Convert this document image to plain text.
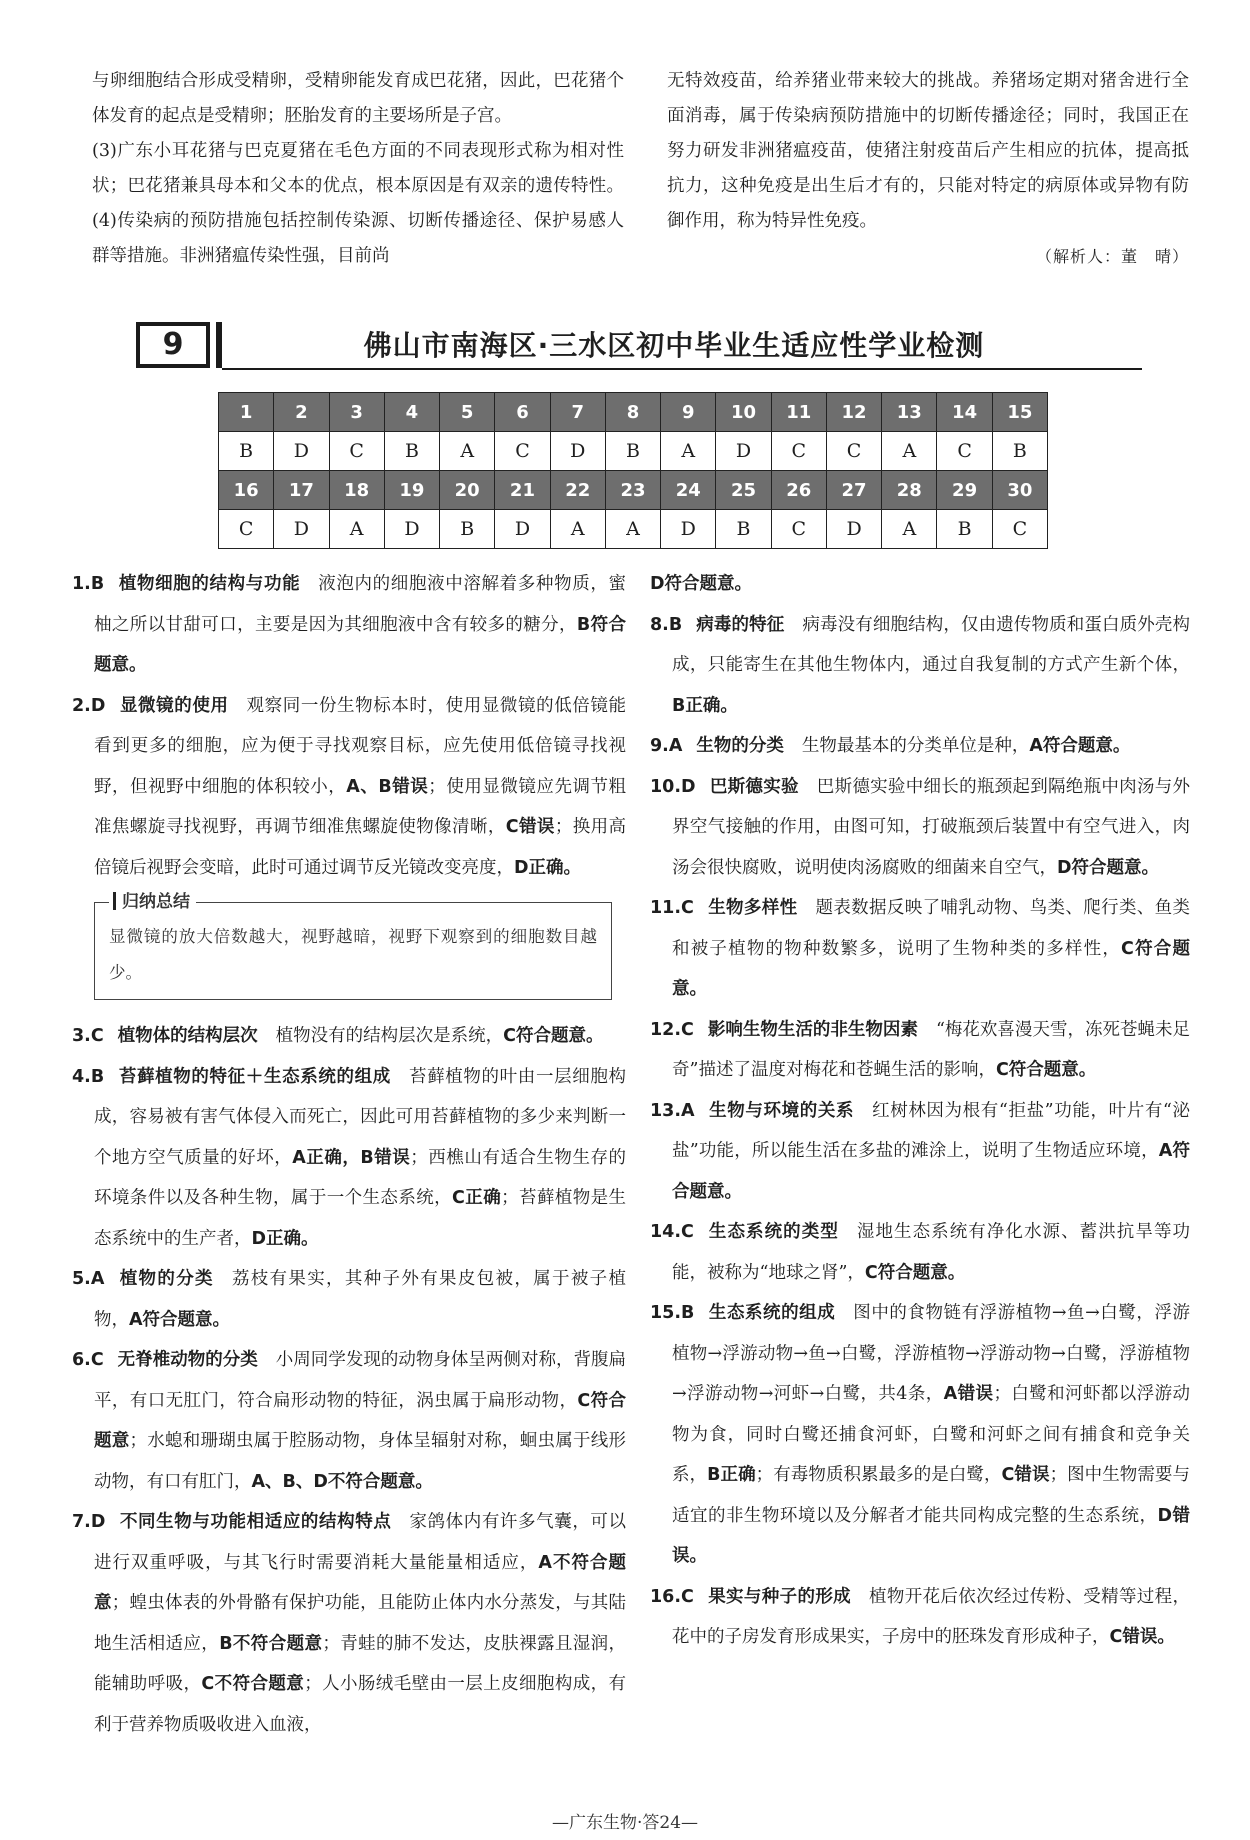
与卵细胞结合形成受精卵，受精卵能发育成巴花猪，因此，巴花猪个体发育的起点是受精卵；胚胎发育的主要场所是子宫。

(3)广东小耳花猪与巴克夏猪在毛色方面的不同表现形式称为相对性状；巴花猪兼具母本和父本的优点，根本原因是有双亲的遗传特性。(4)传染病的预防措施包括控制传染源、切断传播途径、保护易感人群等措施。非洲猪瘟传染性强，目前尚

无特效疫苗，给养猪业带来较大的挑战。养猪场定期对猪舍进行全面消毒，属于传染病预防措施中的切断传播途径；同时，我国正在努力研发非洲猪瘟疫苗，使猪注射疫苗后产生相应的抗体，提高抵抗力，这种免疫是出生后才有的，只能对特定的病原体或异物有防御作用，称为特异性免疫。

（解析人：董　晴）

9	佛山市南海区·三水区初中毕业生适应性学业检测
1	2	3	4	5	6	7	8	9	10	11	12	13	14	15
B	D	C	B	A	C	D	B	A	D	C	C	A	C	B
16	17	18	19	20	21	22	23	24	25	26	27	28	29	30
C	D	A	D	B	D	A	A	D	B	C	D	A	B	C

1.B 植物细胞的结构与功能 液泡内的细胞液中溶解着多种物质，蜜柚之所以甘甜可口，主要是因为其细胞液中含有较多的糖分，B符合题意。

2.D 显微镜的使用 观察同一份生物标本时，使用显微镜的低倍镜能看到更多的细胞，应为便于寻找观察目标，应先使用低倍镜寻找视野，但视野中细胞的体积较小，A、B错误；使用显微镜应先调节粗准焦螺旋寻找视野，再调节细准焦螺旋使物像清晰，C错误；换用高倍镜后视野会变暗，此时可通过调节反光镜改变亮度，D正确。

归纳总结
显微镜的放大倍数越大，视野越暗，视野下观察到的细胞数目越少。

3.C 植物体的结构层次 植物没有的结构层次是系统，C符合题意。

4.B 苔藓植物的特征＋生态系统的组成 苔藓植物的叶由一层细胞构成，容易被有害气体侵入而死亡，因此可用苔藓植物的多少来判断一个地方空气质量的好坏，A正确，B错误；西樵山有适合生物生存的环境条件以及各种生物，属于一个生态系统，C正确；苔藓植物是生态系统中的生产者，D正确。

5.A 植物的分类 荔枝有果实，其种子外有果皮包被，属于被子植物，A符合题意。

6.C 无脊椎动物的分类 小周同学发现的动物身体呈两侧对称，背腹扁平，有口无肛门，符合扁形动物的特征，涡虫属于扁形动物，C符合题意；水螅和珊瑚虫属于腔肠动物，身体呈辐射对称，蛔虫属于线形动物，有口有肛门，A、B、D不符合题意。

7.D 不同生物与功能相适应的结构特点 家鸽体内有许多气囊，可以进行双重呼吸，与其飞行时需要消耗大量能量相适应，A不符合题意；蝗虫体表的外骨骼有保护功能，且能防止体内水分蒸发，与其陆地生活相适应，B不符合题意；青蛙的肺不发达，皮肤裸露且湿润，能辅助呼吸，C不符合题意；人小肠绒毛壁由一层上皮细胞构成，有利于营养物质吸收进入血液，

D符合题意。

8.B 病毒的特征 病毒没有细胞结构，仅由遗传物质和蛋白质外壳构成，只能寄生在其他生物体内，通过自我复制的方式产生新个体，B正确。

9.A 生物的分类 生物最基本的分类单位是种，A符合题意。

10.D 巴斯德实验 巴斯德实验中细长的瓶颈起到隔绝瓶中肉汤与外界空气接触的作用，由图可知，打破瓶颈后装置中有空气进入，肉汤会很快腐败，说明使肉汤腐败的细菌来自空气，D符合题意。

11.C 生物多样性 题表数据反映了哺乳动物、鸟类、爬行类、鱼类和被子植物的物种数繁多，说明了生物种类的多样性，C符合题意。

12.C 影响生物生活的非生物因素 “梅花欢喜漫天雪，冻死苍蝇未足奇”描述了温度对梅花和苍蝇生活的影响，C符合题意。

13.A 生物与环境的关系 红树林因为根有“拒盐”功能，叶片有“泌盐”功能，所以能生活在多盐的滩涂上，说明了生物适应环境，A符合题意。

14.C 生态系统的类型 湿地生态系统有净化水源、蓄洪抗旱等功能，被称为“地球之肾”，C符合题意。

15.B 生态系统的组成 图中的食物链有浮游植物→鱼→白鹭，浮游植物→浮游动物→鱼→白鹭，浮游植物→浮游动物→白鹭，浮游植物→浮游动物→河虾→白鹭，共4条，A错误；白鹭和河虾都以浮游动物为食，同时白鹭还捕食河虾，白鹭和河虾之间有捕食和竞争关系，B正确；有毒物质积累最多的是白鹭，C错误；图中生物需要与适宜的非生物环境以及分解者才能共同构成完整的生态系统，D错误。

16.C 果实与种子的形成 植物开花后依次经过传粉、受精等过程，花中的子房发育形成果实，子房中的胚珠发育形成种子，C错误。

—广东生物·答24—
